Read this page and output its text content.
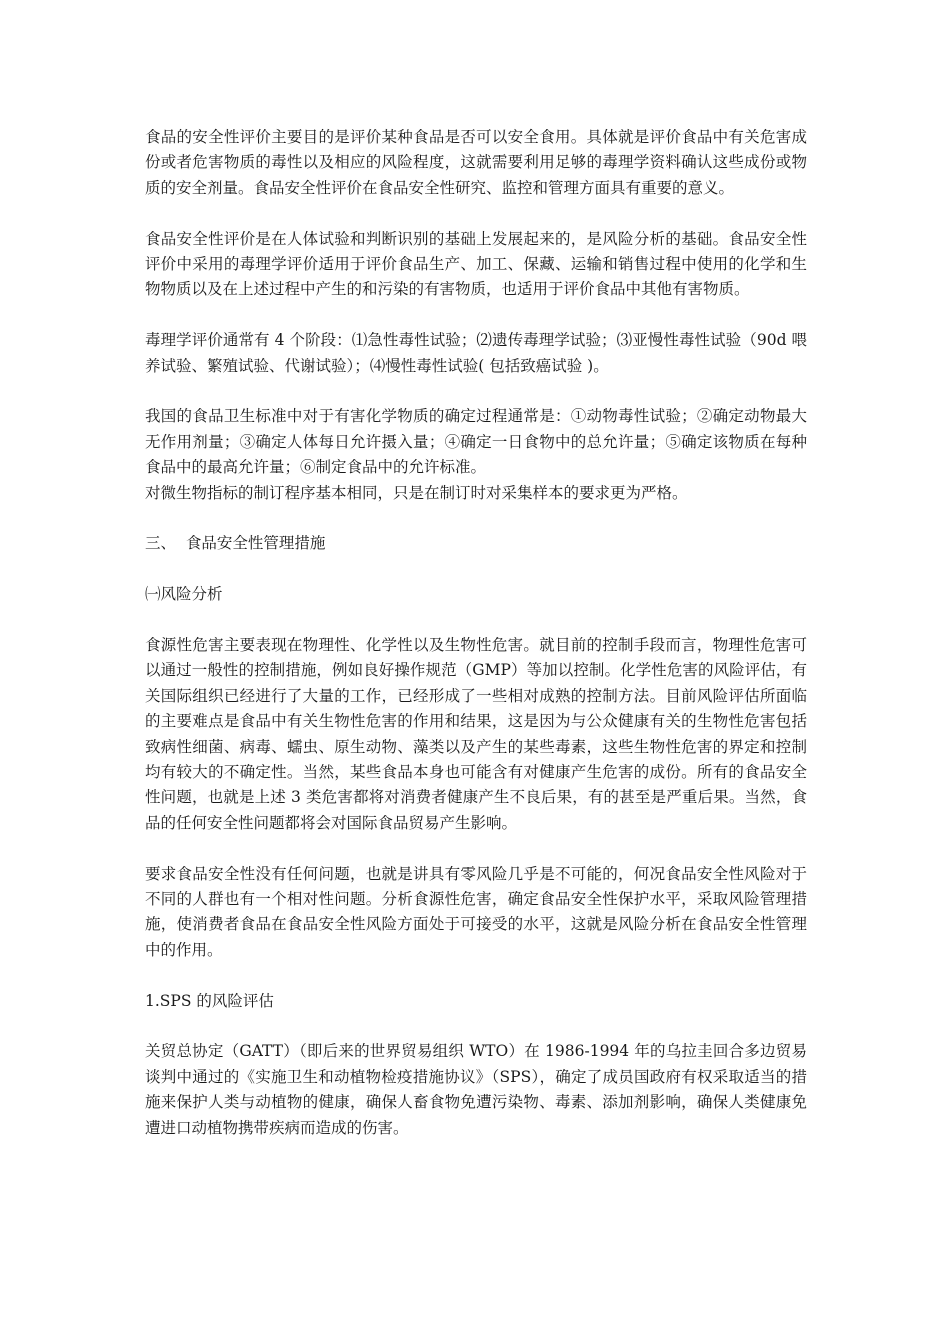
食品的安全性评价主要目的是评价某种食品是否可以安全食用。具体就是评价食品中有关危害成份或者危害物质的毒性以及相应的风险程度，这就需要利用足够的毒理学资料确认这些成份或物质的安全剂量。食品安全性评价在食品安全性研究、监控和管理方面具有重要的意义。

食品安全性评价是在人体试验和判断识别的基础上发展起来的，是风险分析的基础。食品安全性评价中采用的毒理学评价适用于评价食品生产、加工、保藏、运输和销售过程中使用的化学和生物物质以及在上述过程中产生的和污染的有害物质，也适用于评价食品中其他有害物质。

毒理学评价通常有 4 个阶段：⑴急性毒性试验；⑵遗传毒理学试验；⑶亚慢性毒性试验（90d 喂养试验、繁殖试验、代谢试验）；⑷慢性毒性试验( 包括致癌试验 )。

我国的食品卫生标准中对于有害化学物质的确定过程通常是：①动物毒性试验；②确定动物最大无作用剂量；③确定人体每日允许摄入量；④确定一日食物中的总允许量；⑤确定该物质在每种食品中的最高允许量；⑥制定食品中的允许标准。

对微生物指标的制订程序基本相同，只是在制订时对采集样本的要求更为严格。

三、  食品安全性管理措施

㈠风险分析

食源性危害主要表现在物理性、化学性以及生物性危害。就目前的控制手段而言，物理性危害可以通过一般性的控制措施，例如良好操作规范（GMP）等加以控制。化学性危害的风险评估，有关国际组织已经进行了大量的工作，已经形成了一些相对成熟的控制方法。目前风险评估所面临的主要难点是食品中有关生物性危害的作用和结果，这是因为与公众健康有关的生物性危害包括致病性细菌、病毒、蠕虫、原生动物、藻类以及产生的某些毒素，这些生物性危害的界定和控制均有较大的不确定性。当然，某些食品本身也可能含有对健康产生危害的成份。所有的食品安全性问题，也就是上述 3 类危害都将对消费者健康产生不良后果，有的甚至是严重后果。当然，食品的任何安全性问题都将会对国际食品贸易产生影响。

要求食品安全性没有任何问题，也就是讲具有零风险几乎是不可能的，何况食品安全性风险对于不同的人群也有一个相对性问题。分析食源性危害，确定食品安全性保护水平，采取风险管理措施，使消费者食品在食品安全性风险方面处于可接受的水平，这就是风险分析在食品安全性管理中的作用。

1.SPS 的风险评估

关贸总协定（GATT）（即后来的世界贸易组织 WTO）在 1986-1994 年的乌拉圭回合多边贸易谈判中通过的《实施卫生和动植物检疫措施协议》（SPS），确定了成员国政府有权采取适当的措施来保护人类与动植物的健康，确保人畜食物免遭污染物、毒素、添加剂影响，确保人类健康免遭进口动植物携带疾病而造成的伤害。
